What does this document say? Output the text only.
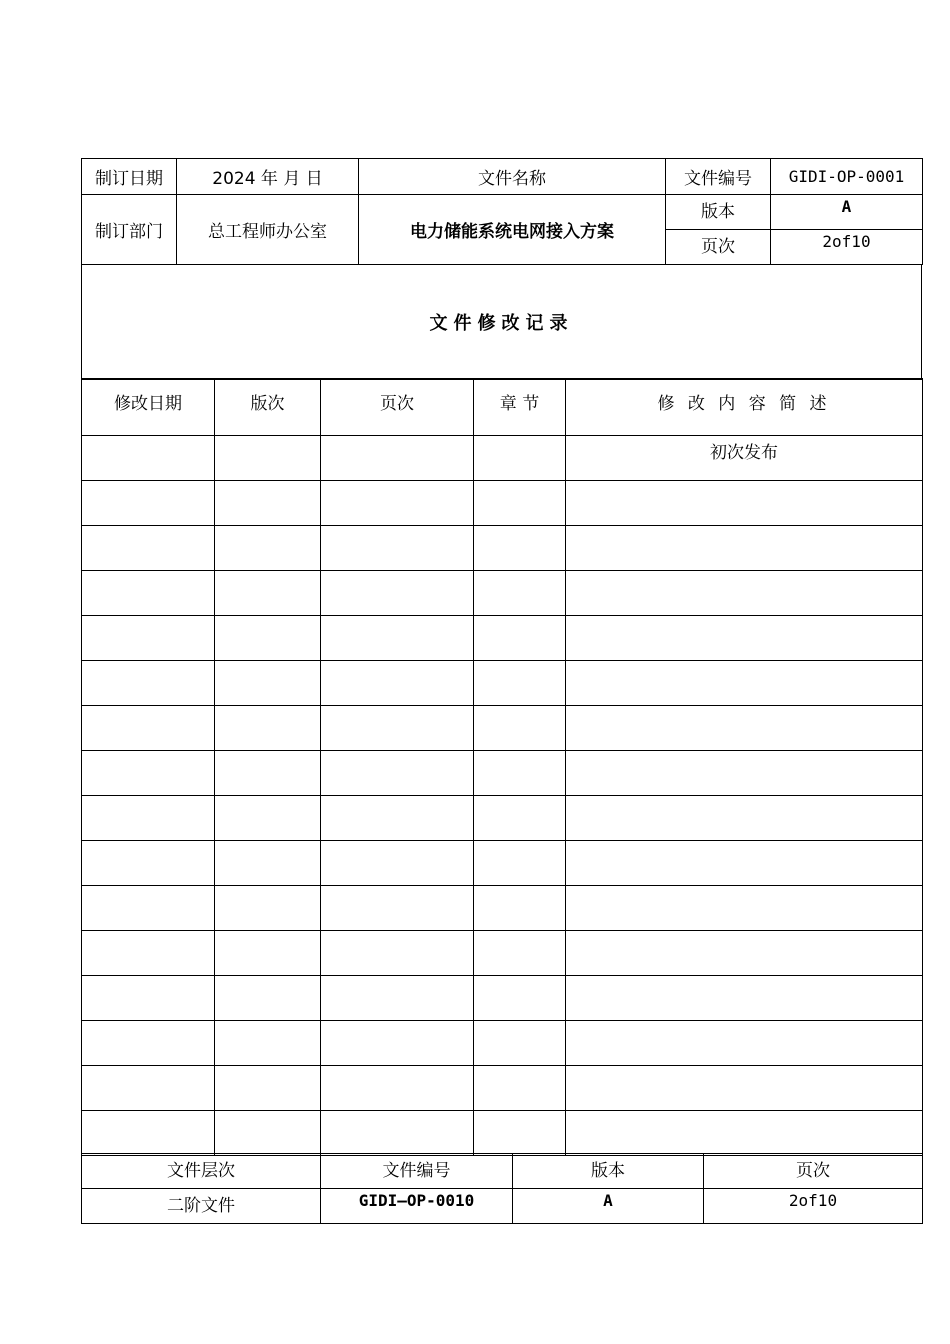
制订日期	2024 年 月 日	文件名称	文件编号	GIDI-OP-0001
制订部门	总工程师办公室	电力储能系统电网接入方案	版本	A
			页次	2of10
文件修改记录
修改日期	版次	页次	章 节	修 改 内 容 简 述
				初次发布

文件层次	文件编号	版本	页次
二阶文件	GIDI—OP-0010	A	2of10
